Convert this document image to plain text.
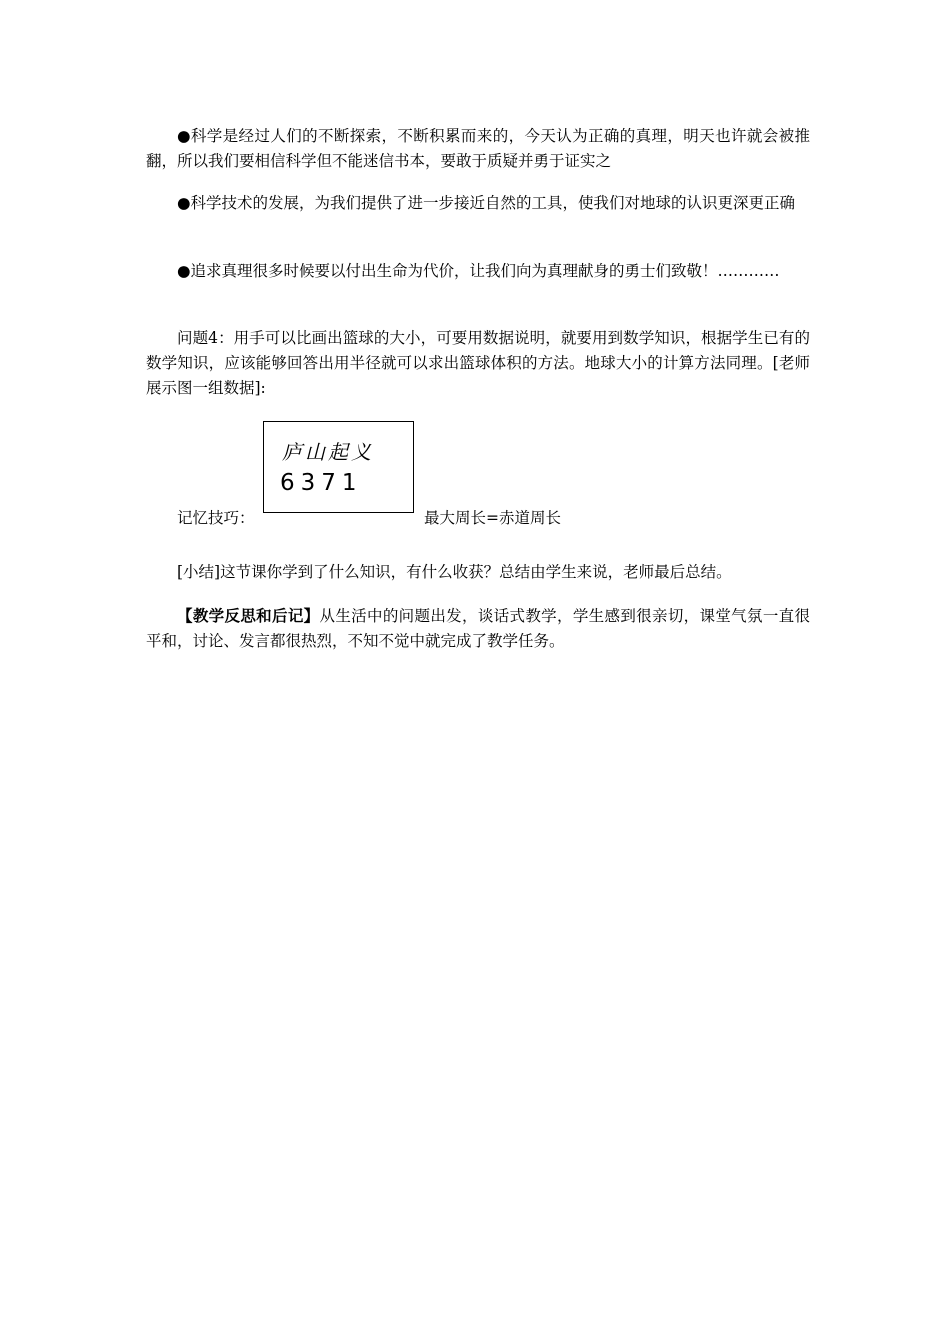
●科学是经过人们的不断探索，不断积累而来的，今天认为正确的真理，明天也许就会被推翻，所以我们要相信科学但不能迷信书本，要敢于质疑并勇于证实之

●科学技术的发展，为我们提供了进一步接近自然的工具，使我们对地球的认识更深更正确

●追求真理很多时候要以付出生命为代价，让我们向为真理献身的勇士们致敬！…………

问题4：用手可以比画出篮球的大小，可要用数据说明，就要用到数学知识，根据学生已有的数学知识，应该能够回答出用半径就可以求出篮球体积的方法。地球大小的计算方法同理。[老师展示图一组数据]:

记忆技巧：
庐山起义
6371
最大周长=赤道周长

[小结]这节课你学到了什么知识，有什么收获？总结由学生来说，老师最后总结。

【教学反思和后记】从生活中的问题出发，谈话式教学，学生感到很亲切，课堂气氛一直很平和，讨论、发言都很热烈，不知不觉中就完成了教学任务。
